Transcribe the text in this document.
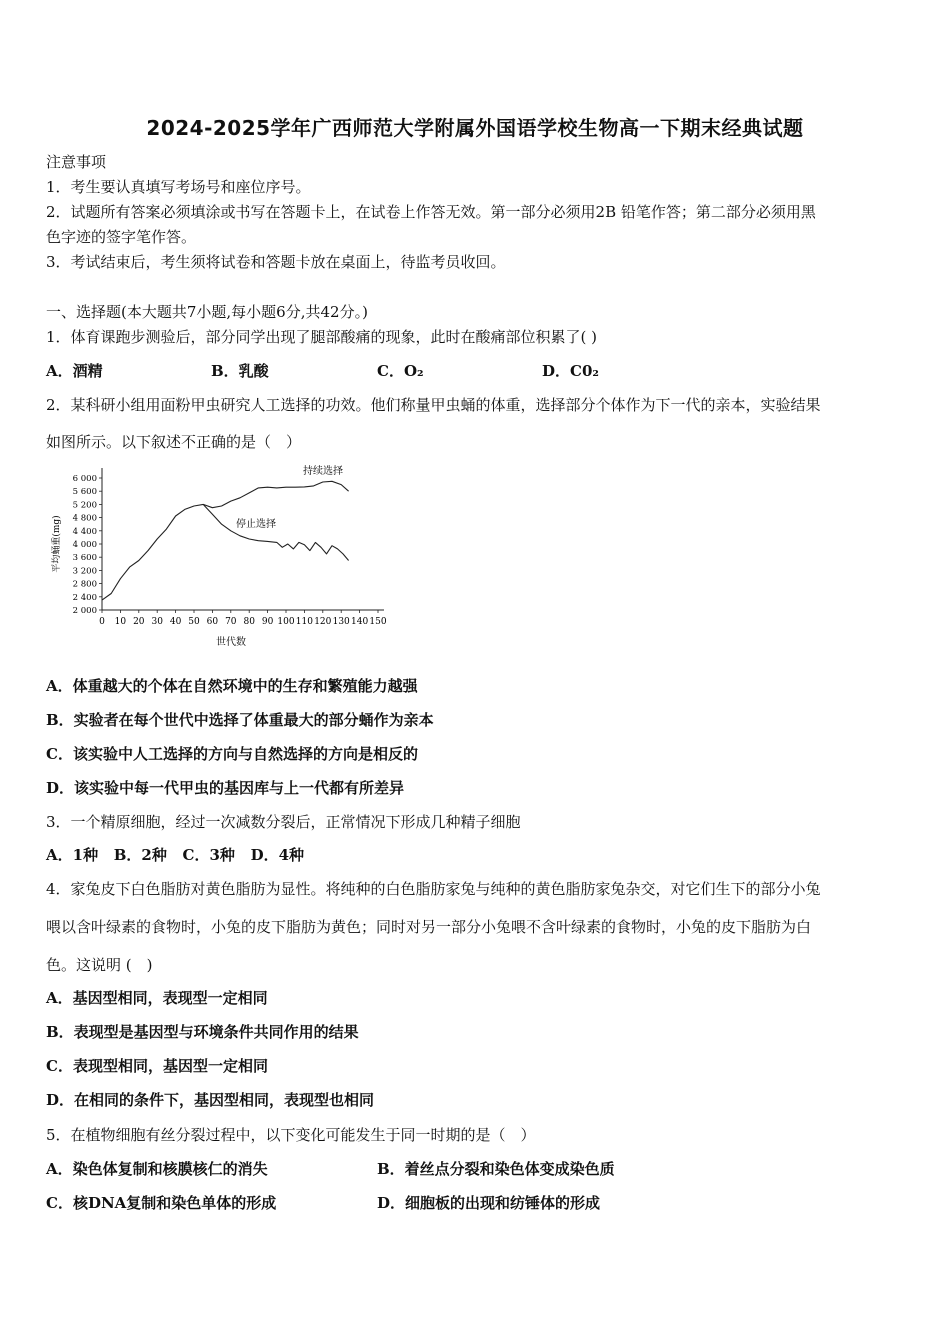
2024-2025学年广西师范大学附属外国语学校生物高一下期末经典试题
注意事项
1．考生要认真填写考场号和座位序号。
2．试题所有答案必须填涂或书写在答题卡上，在试卷上作答无效。第一部分必须用2B 铅笔作答；第二部分必须用黑
色字迹的签字笔作答。
3．考试结束后，考生须将试卷和答题卡放在桌面上，待监考员收回。
一、选择题(本大题共7小题,每小题6分,共42分。)
1．体育课跑步测验后，部分同学出现了腿部酸痛的现象，此时在酸痛部位积累了( )
A．酒精	B．乳酸	C．O₂	D．C0₂
2．某科研小组用面粉甲虫研究人工选择的功效。他们称量甲虫蛹的体重，选择部分个体作为下一代的亲本，实验结果
如图所示。以下叙述不正确的是（　）
0 10 20 30 40 50 60 70 80 90 100 110 120 130 140 150
2 000
2 400
2 800
3 200
3 600
4 000
4 400
4 800
5 200
5 600
6 000
平均蛹重(mg)
世代数
持续选择
停止选择
A．体重越大的个体在自然环境中的生存和繁殖能力越强
B．实验者在每个世代中选择了体重最大的部分蛹作为亲本
C．该实验中人工选择的方向与自然选择的方向是相反的
D．该实验中每一代甲虫的基因库与上一代都有所差异
3．一个精原细胞，经过一次减数分裂后，正常情况下形成几种精子细胞
A．1种 B．2种 C．3种 D．4种
4．家兔皮下白色脂肪对黄色脂肪为显性。将纯种的白色脂肪家兔与纯种的黄色脂肪家兔杂交，对它们生下的部分小兔
喂以含叶绿素的食物时，小兔的皮下脂肪为黄色；同时对另一部分小兔喂不含叶绿素的食物时，小兔的皮下脂肪为白
色。这说明 (　)
A．基因型相同，表现型一定相同
B．表现型是基因型与环境条件共同作用的结果
C．表现型相同，基因型一定相同
D．在相同的条件下，基因型相同，表现型也相同
5．在植物细胞有丝分裂过程中，以下变化可能发生于同一时期的是（　）
A．染色体复制和核膜核仁的消失	B．着丝点分裂和染色体变成染色质
C．核DNA复制和染色单体的形成	D．细胞板的出现和纺锤体的形成
